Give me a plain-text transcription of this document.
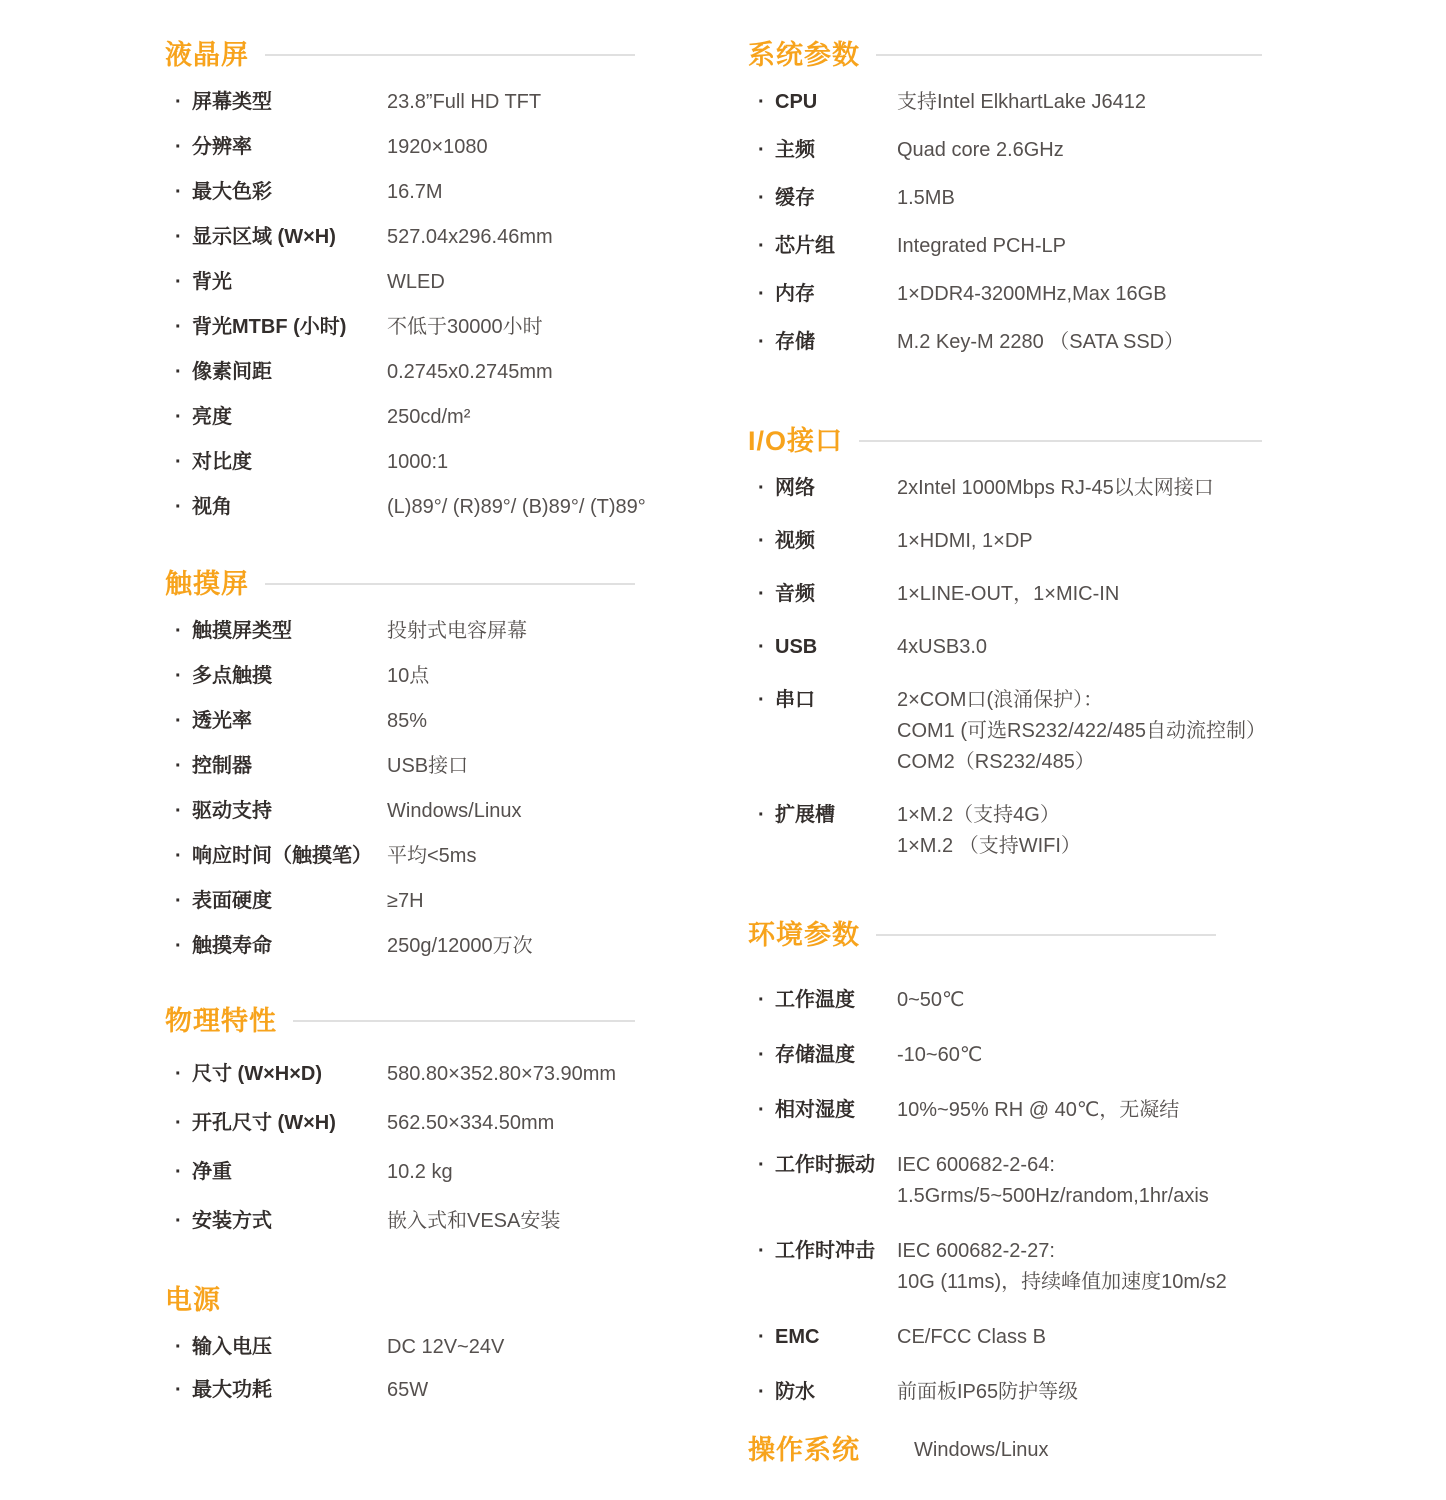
液晶屏
· 屏幕类型	23.8”Full HD TFT
· 分辨率	1920×1080
· 最大色彩	16.7M
· 显示区域 (W×H)	527.04x296.46mm
· 背光	WLED
· 背光MTBF (小时)	不低于30000小时
· 像素间距	0.2745x0.2745mm
· 亮度	250cd/m²
· 对比度	1000:1
· 视角	(L)89°/ (R)89°/ (B)89°/ (T)89°
触摸屏
· 触摸屏类型	投射式电容屏幕
· 多点触摸	10点
· 透光率	85%
· 控制器	USB接口
· 驱动支持	Windows/Linux
· 响应时间（触摸笔） 平均<5ms
· 表面硬度	≥7H
· 触摸寿命	250g/12000万次
物理特性
· 尺寸 (W×H×D)	580.80×352.80×73.90mm
· 开孔尺寸 (W×H)	562.50×334.50mm
· 净重	10.2 kg
· 安装方式	嵌入式和VESA安装
电源
· 输入电压	DC 12V~24V
· 最大功耗	65W
系统参数
· CPU	支持Intel ElkhartLake J6412
· 主频	Quad core 2.6GHz
· 缓存	1.5MB
· 芯片组	Integrated PCH-LP
· 内存	1×DDR4-3200MHz,Max 16GB
· 存储	M.2 Key-M 2280 （SATA SSD）
I/O接口
· 网络	2xIntel 1000Mbps RJ-45以太网接口
· 视频	1×HDMI, 1×DP
· 音频	1×LINE-OUT，1×MIC-IN
· USB	4xUSB3.0
· 串口	2×COM口(浪涌保护）：
COM1 (可选RS232/422/485自动流控制）
COM2（RS232/485）
· 扩展槽	1×M.2（支持4G）
1×M.2 （支持WIFI）
环境参数
· 工作温度	0~50℃
· 存储温度	-10~60℃
· 相对湿度	10%~95% RH @ 40℃，无凝结
· 工作时振动	IEC 600682-2-64:
1.5Grms/5~500Hz/random,1hr/axis
· 工作时冲击	IEC 600682-2-27:
10G (11ms)，持续峰值加速度10m/s2
· EMC	CE/FCC Class B
· 防水	前面板IP65防护等级
操作系统	Windows/Linux
